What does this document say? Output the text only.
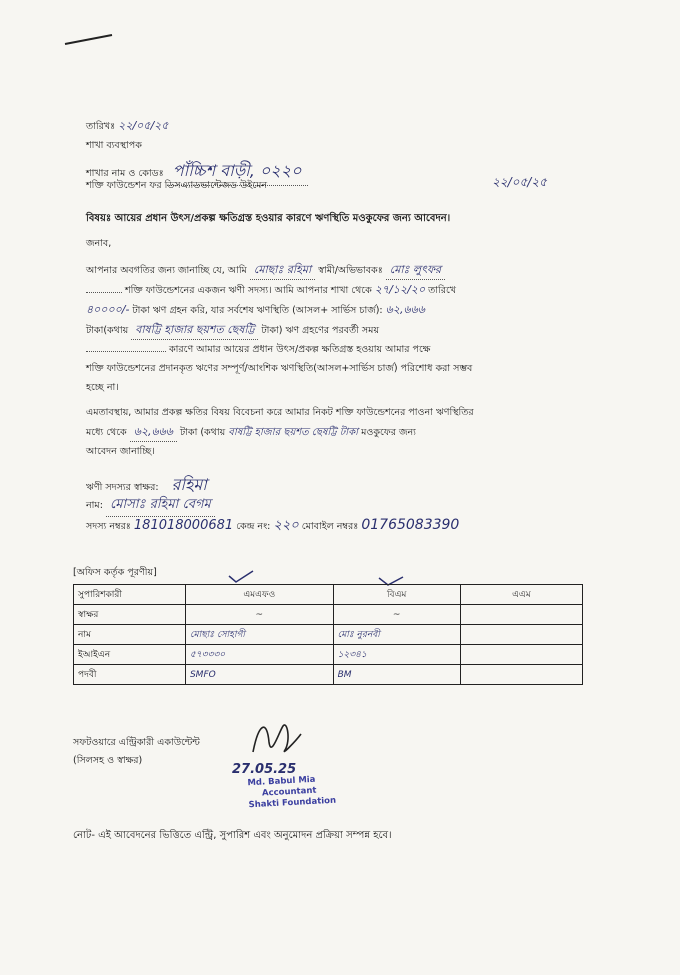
তারিখঃ ২২/০৫/২৫
শাখা ব্যবস্থাপক
শাখার নাম ও কোডঃ পাঁচ্চিশ বাড়ী, ০২২০
শক্তি ফাউন্ডেশন ফর ডিসএ্যাডভান্টেজড উইমেন	২২/০৫/২৫
বিষয়ঃ আয়ের প্রধান উৎস/প্রকল্প ক্ষতিগ্রস্ত হওয়ার কারণে ঋণস্থিতি মওকুফের জন্য আবেদন।
জনাব,
আপনার অবগতির জন্য জানাচ্ছি যে, আমি মোছাঃ রহিমা স্বামী/অভিভাবকঃ মোঃ লুৎফর
শক্তি ফাউন্ডেশনের একজন ঋণী সদস্য। আমি আপনার শাখা থেকে ২৭/১২/২০ তারিখে
৪০০০০/- টাকা ঋণ গ্রহন করি, যার সর্বশেষ ঋণস্থিতি (আসল+ সার্ভিস চার্জ): ৬২,৬৬৬
টাকা(কথায় বাষট্টি হাজার ছয়শত ছেষট্টি টাকা) ঋণ গ্রহণের পরবর্তী সময়
কারণে আমার আয়ের প্রধান উৎস/প্রকল্প ক্ষতিগ্রস্ত হওয়ায় আমার পক্ষে
শক্তি ফাউন্ডেশনের প্রদানকৃত ঋণের সম্পূর্ণ/আংশিক ঋণস্থিতি(আসল+সার্ভিস চার্জ) পরিশোধ করা সম্ভব
হচ্ছে না।
এমতাবস্থায়, আমার প্রকল্প ক্ষতির বিষয় বিবেচনা করে আমার নিকট শক্তি ফাউন্ডেশনের পাওনা ঋণস্থিতির
মধ্যে থেকে ৬২,৬৬৬ টাকা (কথায় বাষট্টি হাজার ছয়শত ছেষট্টি টাকা মওকুফের জন্য
আবেদন জানাচ্ছি।
ঋণী সদস্যর স্বাক্ষর: রহিমা
নাম: মোসাঃ রহিমা বেগম
সদস্য নম্বরঃ 181018000681 কেন্দ্র নং: ২২০ মোবাইল নম্বরঃ 01765083390
[অফিস কর্তৃক পূরণীয়]
সুপারিশকারী	এমএফও	বিএম	এএম
স্বাক্ষর	~	~	
নাম	মোছাঃ সোহাগী	মোঃ নুরনবী	
ইআইএন	৫৭৩৩৩০	১২৩৪১	
পদবী	SMFO	BM	
সফটওয়ারে এন্ট্রিকারী একাউন্টেন্ট
(সিলসহ ও স্বাক্ষর)
27.05.25
Md. Babul Mia
Accountant
Shakti Foundation
নোট- এই আবেদনের ভিত্তিতে এন্ট্রি, সুপারিশ এবং অনুমোদন প্রক্রিয়া সম্পন্ন হবে।
